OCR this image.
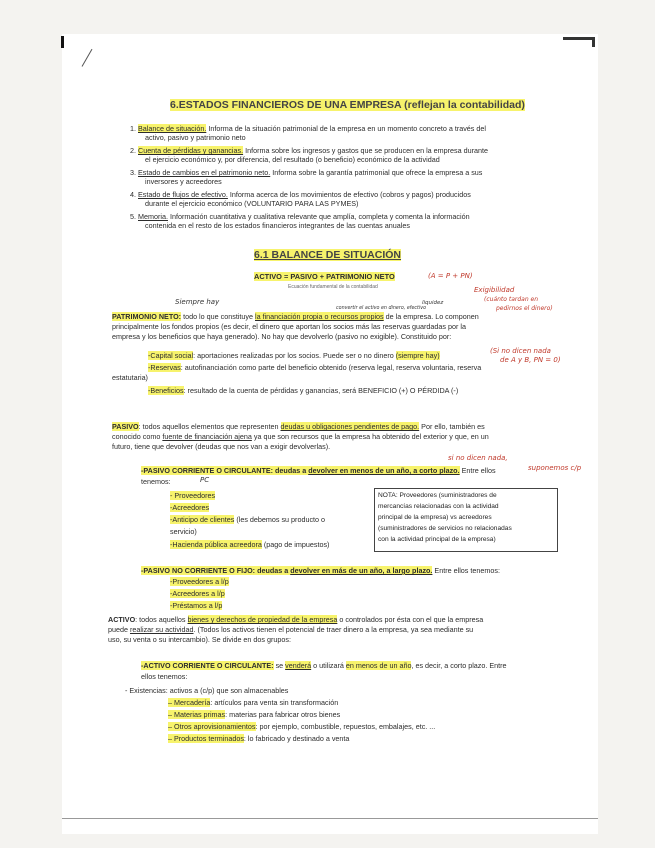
6.ESTADOS FINANCIEROS DE UNA EMPRESA (reflejan la contabilidad)
1. Balance de situación. Informa de la situación patrimonial de la empresa en un momento concreto a través del
activo, pasivo y patrimonio neto
2. Cuenta de pérdidas y ganancias. Informa sobre los ingresos y gastos que se producen en la empresa durante
el ejercicio económico y, por diferencia, del resultado (o beneficio) económico de la actividad
3. Estado de cambios en el patrimonio neto. Informa sobre la garantía patrimonial que ofrece la empresa a sus
inversores y acreedores
4. Estado de flujos de efectivo. Informa acerca de los movimientos de efectivo (cobros y pagos) producidos
durante el ejercicio económico (VOLUNTARIO PARA LAS PYMES)
5. Memoria. Información cuantitativa y cualitativa relevante que amplía, completa y comenta la información
contenida en el resto de los estados financieros integrantes de las cuentas anuales
6.1 BALANCE DE SITUACIÓN
ACTIVO = PASIVO + PATRIMONIO NETO
Ecuación fundamental de la contabilidad
(A = P + PN)
Exigibilidad
(cuánto tardan en
pedirnos el dinero)
liquidez
convertir el activo en dinero, efectivo
Siempre hay
PATRIMONIO NETO: todo lo que constituye la financiación propia o recursos propios de la empresa. Lo componen
principalmente los fondos propios (es decir, el dinero que aportan los socios más las reservas guardadas por la
empresa y los beneficios que haya generado). No hay que devolverlo (pasivo no exigible). Constituido por:
-Capital social: aportaciones realizadas por los socios. Puede ser o no dinero (siempre hay)	(Si no dicen nada
de A y B, PN = 0)
-Reservas: autofinanciación como parte del beneficio obtenido (reserva legal, reserva voluntaria, reserva
estatutaria)
-Beneficios: resultado de la cuenta de pérdidas y ganancias, será BENEFICIO (+) O PÉRDIDA (-)
PASIVO: todos aquellos elementos que representen deudas u obligaciones pendientes de pago. Por ello, también es
conocido como fuente de financiación ajena ya que son recursos que la empresa ha obtenido del exterior y que, en un
futuro, tiene que devolver (deudas que nos van a exigir devolverlas).
si no dicen nada,
-PASIVO CORRIENTE O CIRCULANTE: deudas a devolver en menos de un año, a corto plazo. Entre ellos	suponemos c/p
tenemos:	PC
- Proveedores
-Acreedores
-Anticipo de clientes (les debemos su producto o
servicio)
-Hacienda pública acreedora (pago de impuestos)
NOTA: Proveedores (suministradores de
mercancías relacionadas con la actividad
principal de la empresa) vs acreedores
(suministradores de servicios no relacionadas
con la actividad principal de la empresa)
-PASIVO NO CORRIENTE O FIJO: deudas a devolver en más de un año, a largo plazo. Entre ellos tenemos:
-Proveedores a l/p
-Acreedores a l/p
-Préstamos a l/p
ACTIVO: todos aquellos bienes y derechos de propiedad de la empresa o controlados por ésta con el que la empresa
puede realizar su actividad. (Todos los activos tienen el potencial de traer dinero a la empresa, ya sea mediante su
uso, su venta o su intercambio). Se divide en dos grupos:
-ACTIVO CORRIENTE O CIRCULANTE: se venderá o utilizará en menos de un año, es decir, a corto plazo. Entre
ellos tenemos:
- Existencias: activos a (c/p) que son almacenables
– Mercadería: artículos para venta sin transformación
– Materias primas: materias para fabricar otros bienes
– Otros aprovisionamientos: por ejemplo, combustible, repuestos, embalajes, etc. ...
– Productos terminados: lo fabricado y destinado a venta
